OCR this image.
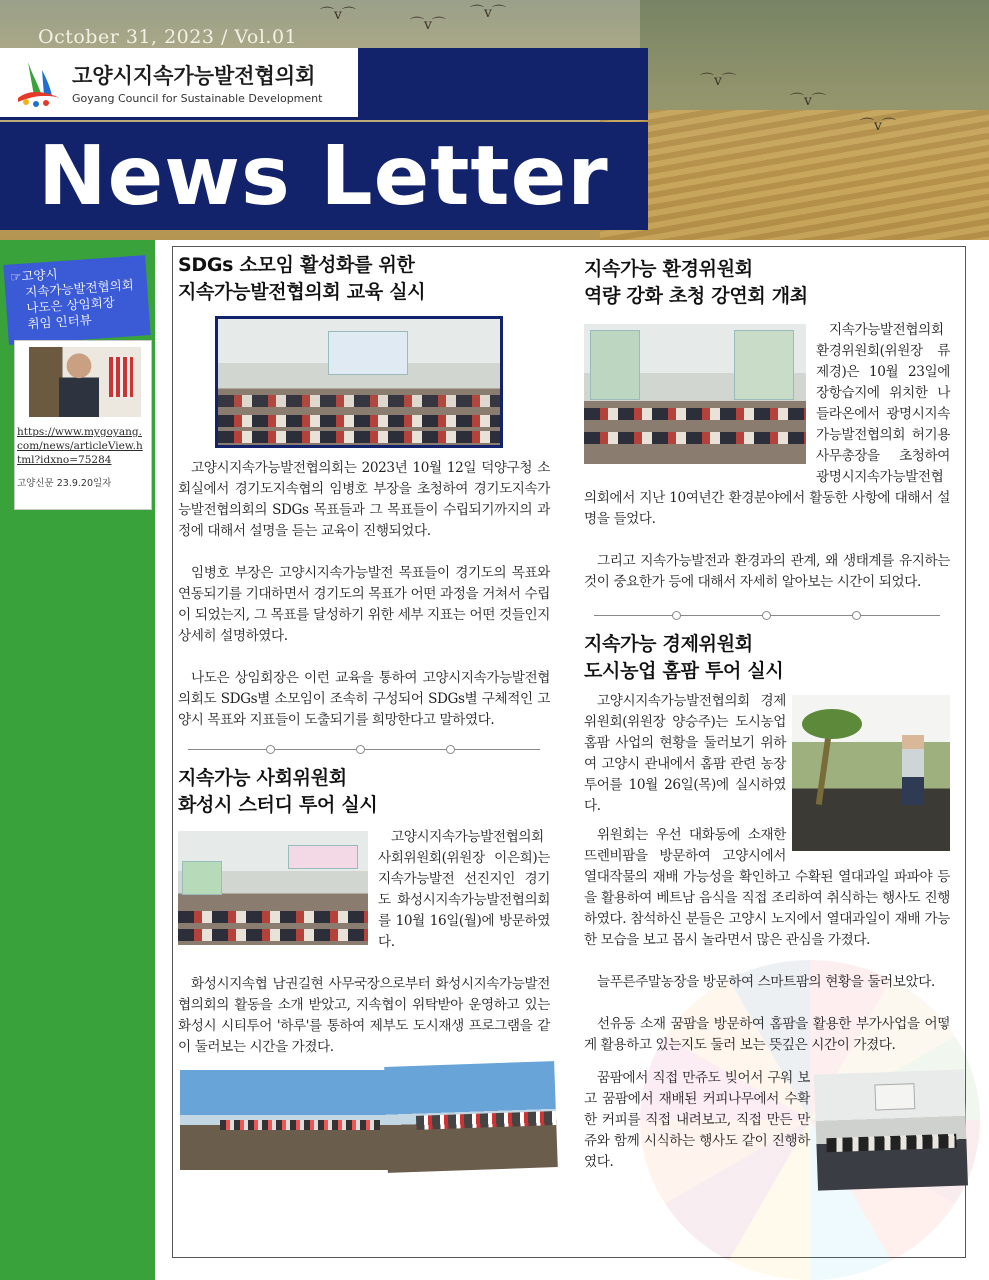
⌒v⌒
⌒v⌒
⌒v⌒
⌒v⌒
⌒v⌒
⌒v⌒
October 31, 2023 / Vol.01
고양시지속가능발전협의회
Goyang Council for Sustainable Development
News Letter
☞고양시
지속가능발전협의회
나도은 상임회장
취임 인터뷰
https://www.mygoyang.com/news/articleView.html?idxno=75284
고양신문 23.9.20일자
SDGs 소모임 활성화를 위한
지속가능발전협의회 교육 실시

고양시지속가능발전협의회는 2023년 10월 12일 덕양구청 소회실에서 경기도지속협의 임병호 부장을 초청하여 경기도지속가능발전협의회의 SDGs 목표들과 그 목표들이 수립되기까지의 과정에 대해서 설명을 듣는 교육이 진행되었다.

임병호 부장은 고양시지속가능발전 목표들이 경기도의 목표와 연동되기를 기대하면서 경기도의 목표가 어떤 과정을 거쳐서 수립이 되었는지, 그 목표를 달성하기 위한 세부 지표는 어떤 것들인지 상세히 설명하였다.

나도은 상임회장은 이런 교육을 통하여 고양시지속가능발전협의회도 SDGs별 소모임이 조속히 구성되어 SDGs별 구체적인 고양시 목표와 지표들이 도출되기를 희망한다고 말하였다.

지속가능 사회위원회
화성시 스터디 투어 실시

고양시지속가능발전협의회 사회위원회(위원장 이은희)는 지속가능발전 선진지인 경기도 화성시지속가능발전협의회를 10월 16일(월)에 방문하였다.

화성시지속협 남권길현 사무국장으로부터 화성시지속가능발전협의회의 활동을 소개 받았고, 지속협이 위탁받아 운영하고 있는 화성시 시티투어 '하루'를 통하여 제부도 도시재생 프로그램을 같이 둘러보는 시간을 가졌다.

지속가능 환경위원회
역량 강화 초청 강연회 개최

지속가능발전협의회 환경위원회(위원장 류제경)은 10월 23일에 장항습지에 위치한 나들라온에서 광명시지속가능발전협의회 허기용 사무총장을 초청하여 광명시지속가능발전협의회에서 지난 10여년간 환경분야에서 활동한 사항에 대해서 설명을 들었다.

그리고 지속가능발전과 환경과의 관계, 왜 생태계를 유지하는 것이 중요한가 등에 대해서 자세히 알아보는 시간이 되었다.

지속가능 경제위원회
도시농업 홈팜 투어 실시

고양시지속가능발전협의회 경제위원회(위원장 양승주)는 도시농업 홈팜 사업의 현황을 둘러보기 위하여 고양시 관내에서 홈팜 관련 농장 투어를 10월 26일(목)에 실시하였다.

위원회는 우선 대화동에 소재한 뜨렌비팜을 방문하여 고양시에서 열대작물의 재배 가능성을 확인하고 수확된 열대과일 파파야 등을 활용하여 베트남 음식을 직접 조리하여 취식하는 행사도 진행하였다. 참석하신 분들은 고양시 노지에서 열대과일이 재배 가능한 모습을 보고 몹시 놀라면서 많은 관심을 가졌다.

늘푸른주말농장을 방문하여 스마트팜의 현황을 둘러보았다.

선유동 소재 꿈팜을 방문하여 홈팜을 활용한 부가사업을 어떻게 활용하고 있는지도 둘러 보는 뜻깊은 시간이 가졌다.

꿈팜에서 직접 만쥬도 빚어서 구워 보고 꿈팜에서 재배된 커피나무에서 수확한 커피를 직접 내려보고, 직접 만든 만쥬와 함께 시식하는 행사도 같이 진행하였다.
